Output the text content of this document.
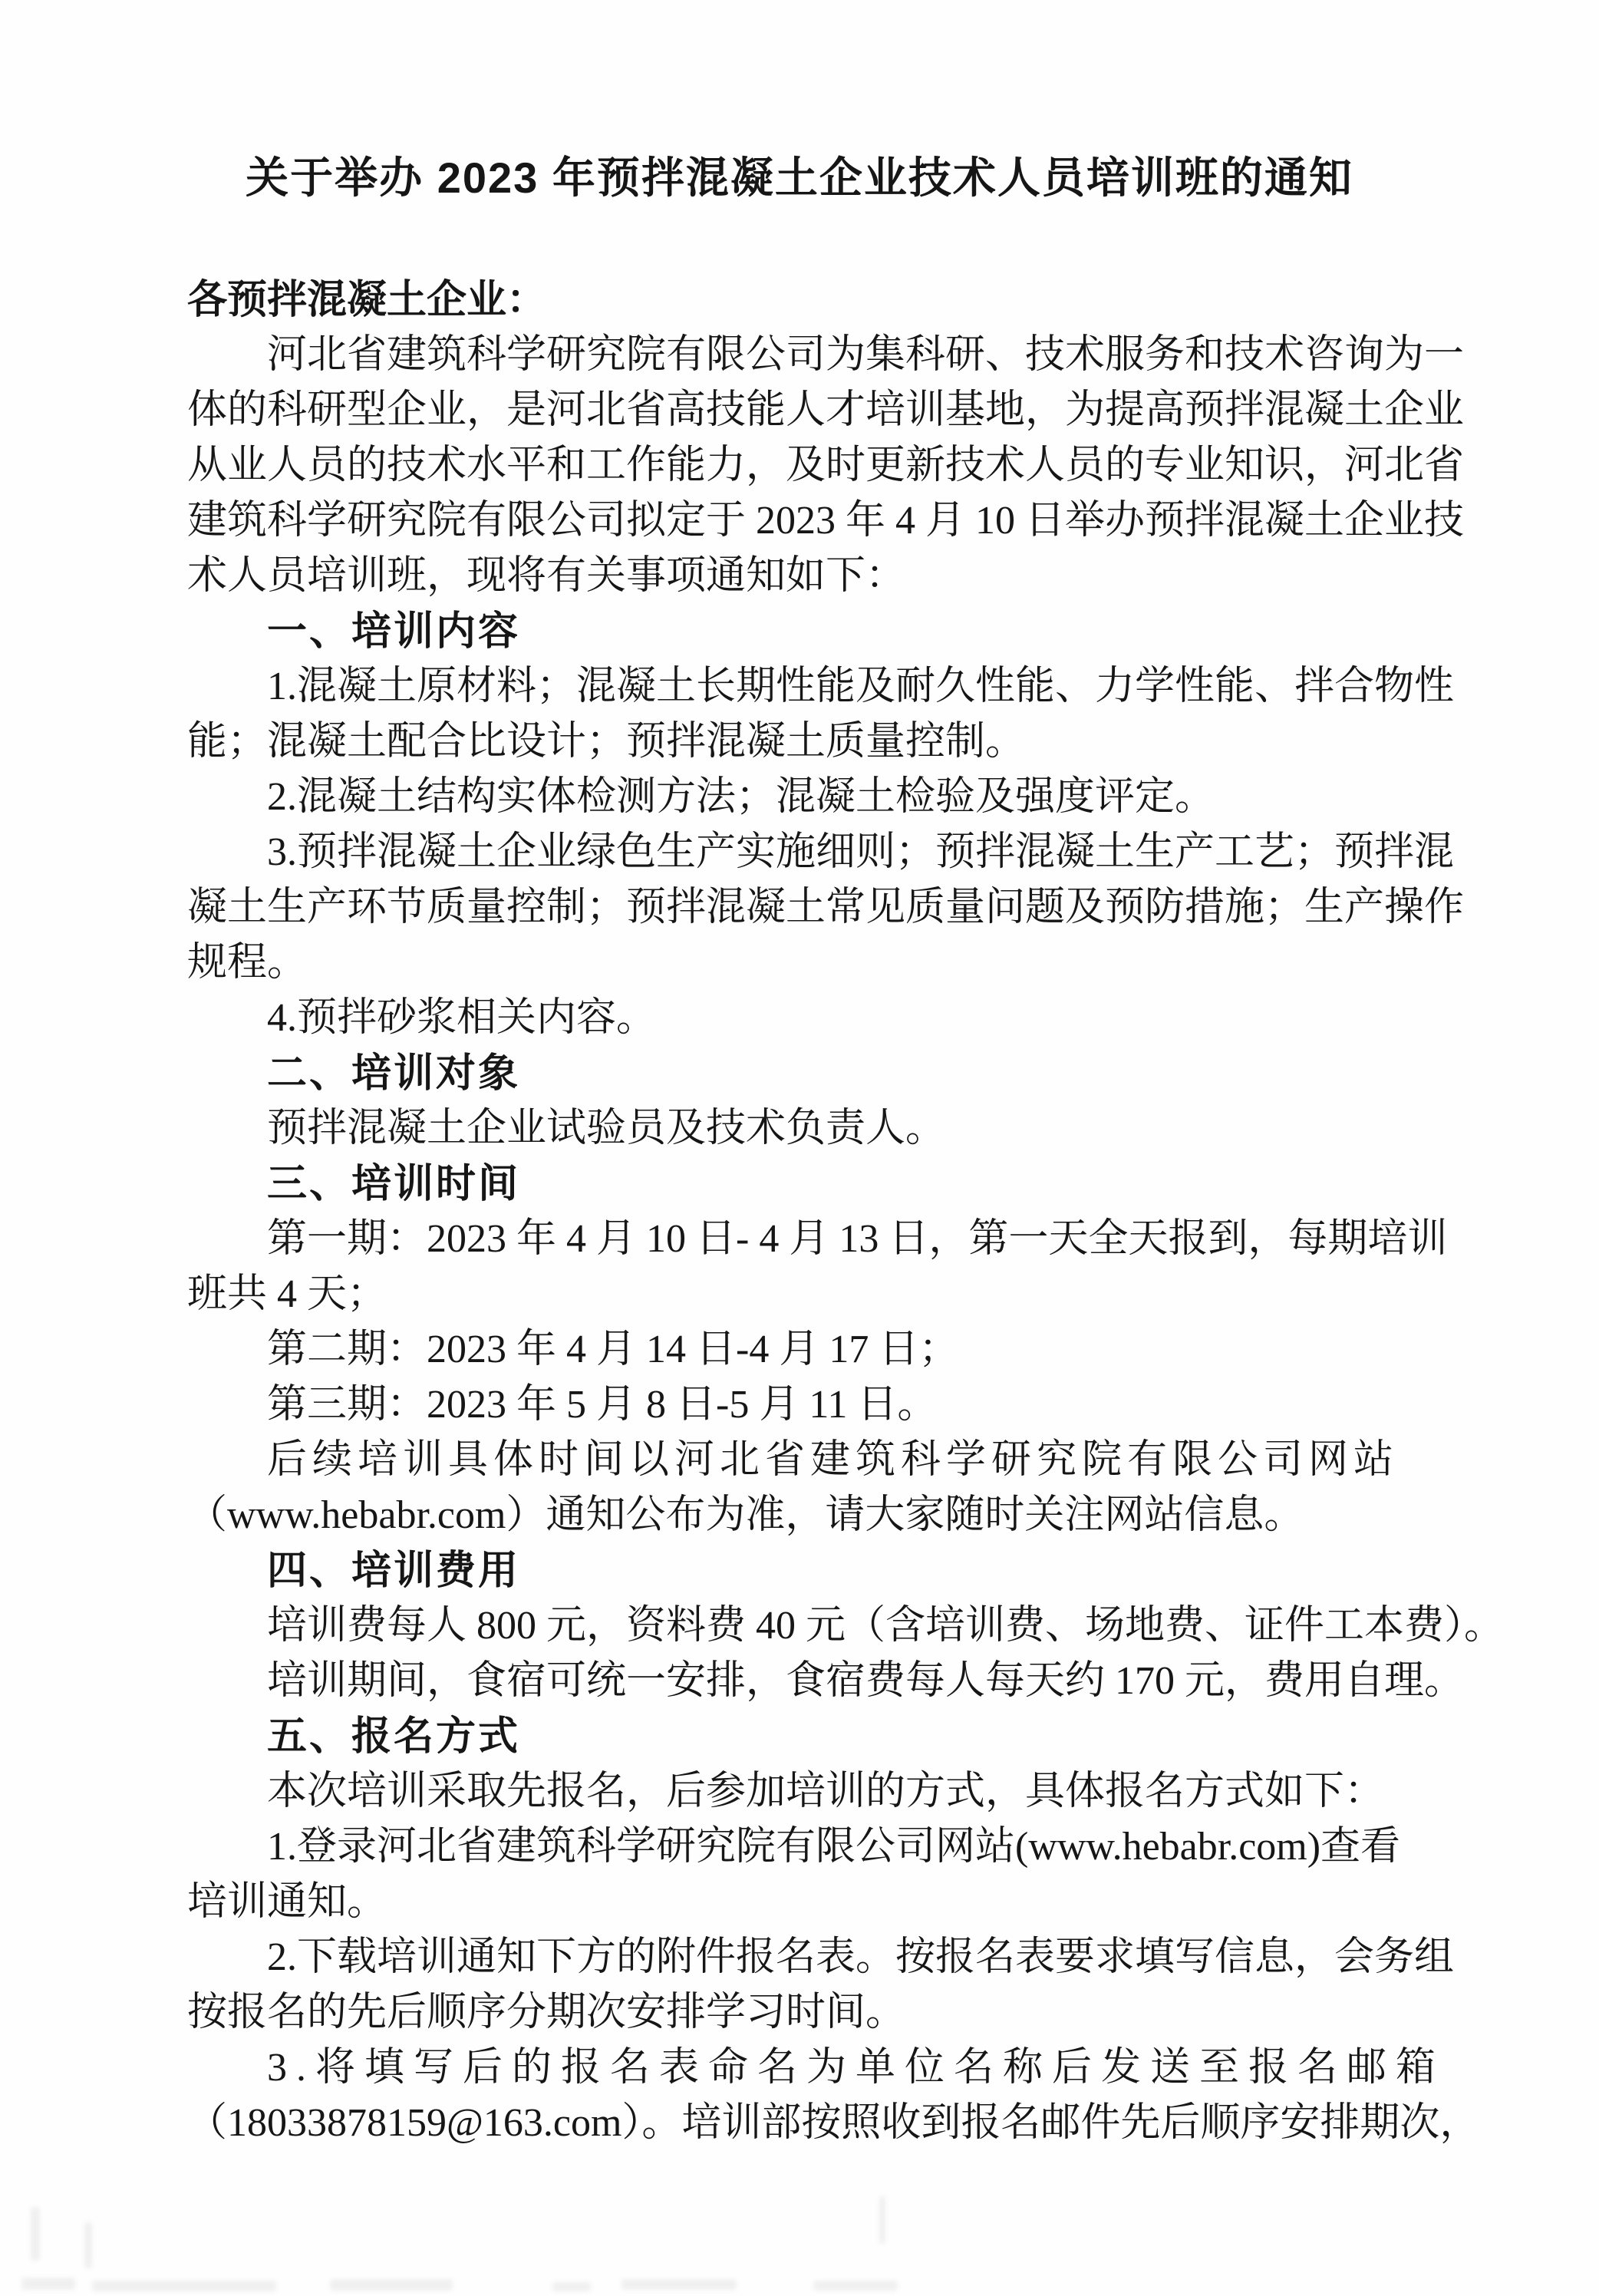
关于举办 2023 年预拌混凝土企业技术人员培训班的通知
各预拌混凝土企业：
河北省建筑科学研究院有限公司为集科研、技术服务和技术咨询为一
体的科研型企业，是河北省高技能人才培训基地，为提高预拌混凝土企业
从业人员的技术水平和工作能力，及时更新技术人员的专业知识，河北省
建筑科学研究院有限公司拟定于 2023 年 4 月 10 日举办预拌混凝土企业技
术人员培训班，现将有关事项通知如下：
一、培训内容
1.混凝土原材料；混凝土长期性能及耐久性能、力学性能、拌合物性
能；混凝土配合比设计；预拌混凝土质量控制。
2.混凝土结构实体检测方法；混凝土检验及强度评定。
3.预拌混凝土企业绿色生产实施细则；预拌混凝土生产工艺；预拌混
凝土生产环节质量控制；预拌混凝土常见质量问题及预防措施；生产操作
规程。
4.预拌砂浆相关内容。
二、培训对象
预拌混凝土企业试验员及技术负责人。
三、培训时间
第一期：2023 年 4 月 10 日- 4 月 13 日，第一天全天报到，每期培训
班共 4 天；
第二期：2023 年 4 月 14 日-4 月 17 日；
第三期：2023 年 5 月 8 日-5 月 11 日。
后续培训具体时间以河北省建筑科学研究院有限公司网站
（www.hebabr.com）通知公布为准，请大家随时关注网站信息。
四、培训费用
培训费每人 800 元，资料费 40 元（含培训费、场地费、证件工本费）。
培训期间，食宿可统一安排，食宿费每人每天约 170 元，费用自理。
五、报名方式
本次培训采取先报名，后参加培训的方式，具体报名方式如下：
1.登录河北省建筑科学研究院有限公司网站(www.hebabr.com)查看
培训通知。
2.下载培训通知下方的附件报名表。按报名表要求填写信息，会务组
按报名的先后顺序分期次安排学习时间。
3.将填写后的报名表命名为单位名称后发送至报名邮箱
（18033878159@163.com）。培训部按照收到报名邮件先后顺序安排期次，
